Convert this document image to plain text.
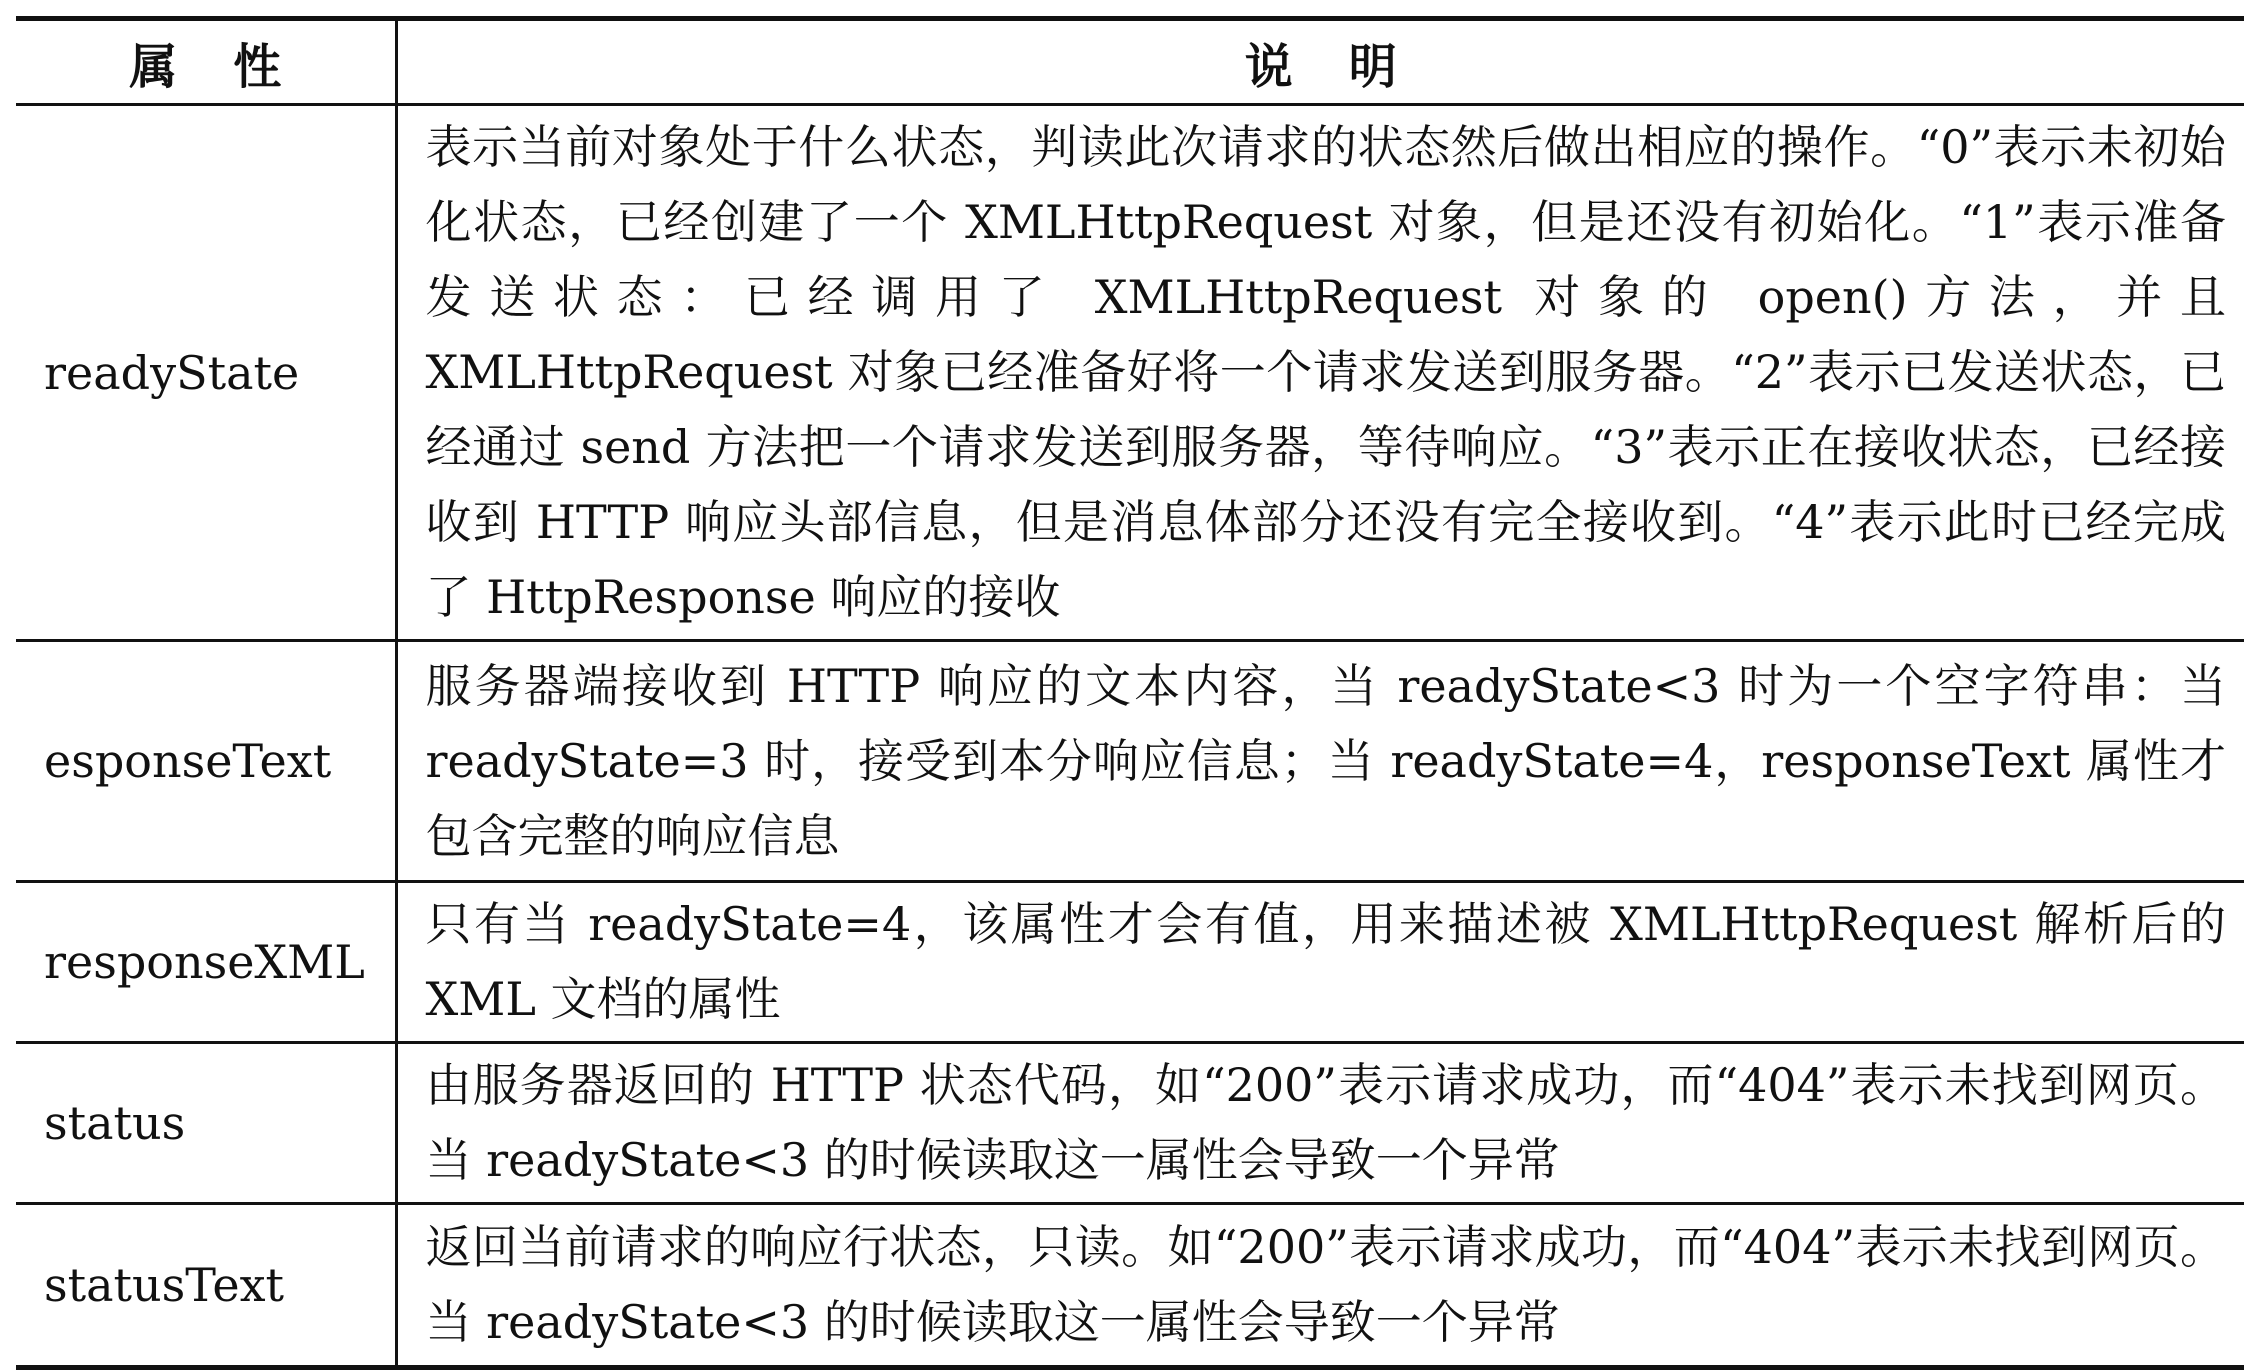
属性	说明
readyState	表示当前对象处于什么状态，判读此次请求的状态然后做出相应的操作。“0”表示未初始化状态，已经创建了一个 XMLHttpRequest 对象，但是还没有初始化。“1”表示准备发送状态：已经调用了 XMLHttpRequest 对象的 open()方法，并且 XMLHttpRequest 对象已经准备好将一个请求发送到服务器。“2”表示已发送状态，已经通过 send 方法把一个请求发送到服务器，等待响应。“3”表示正在接收状态，已经接收到 HTTP 响应头部信息，但是消息体部分还没有完全接收到。“4”表示此时已经完成了 HttpResponse 响应的接收
esponseText	服务器端接收到 HTTP 响应的文本内容，当 readyState<3 时为一个空字符串：当 readyState=3 时，接受到本分响应信息；当 readyState=4，responseText 属性才包含完整的响应信息
responseXML	只有当 readyState=4，该属性才会有值，用来描述被 XMLHttpRequest 解析后的 XML 文档的属性
status	由服务器返回的 HTTP 状态代码，如“200”表示请求成功，而“404”表示未找到网页。当 readyState<3 的时候读取这一属性会导致一个异常
statusText	返回当前请求的响应行状态，只读。如“200”表示请求成功，而“404”表示未找到网页。当 readyState<3 的时候读取这一属性会导致一个异常
